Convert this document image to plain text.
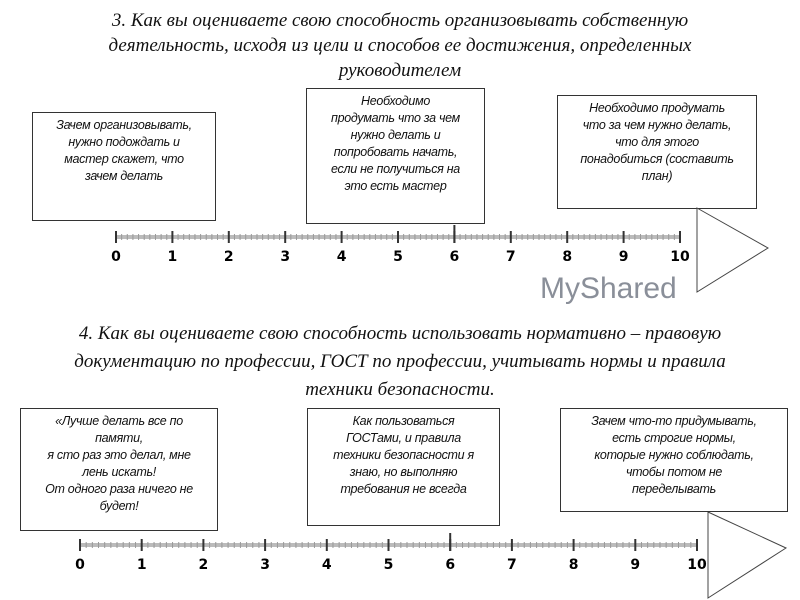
3. Как вы оцениваете свою способность организовывать собственную
деятельность, исходя из цели и способов ее достижения, определенных
руководителем
Зачем организовывать,
нужно подождать и
мастер скажет, что
зачем делать
Необходимо
продумать что за чем
нужно делать и
попробовать начать,
если не получиться на
это есть мастер
Необходимо продумать
что за чем нужно делать,
что для этого
понадобиться (составить
план)
0	1	2	3	4	5	6	7	8	9	10
0	1	2	3	4	5	6	7	8	9	10
4. Как вы оцениваете свою способность использовать нормативно – правовую
документацию по профессии, ГОСТ по профессии, учитывать нормы и правила
техники безопасности.
«Лучше делать все по
памяти,
я сто раз это делал, мне
лень искать!
От одного раза ничего не
будет!
Как пользоваться
ГОСТами, и правила
техники безопасности я
знаю, но выполняю
требования не всегда
Зачем что-то придумывать,
есть строгие нормы,
которые нужно соблюдать,
чтобы потом не
переделывать
MyShared
